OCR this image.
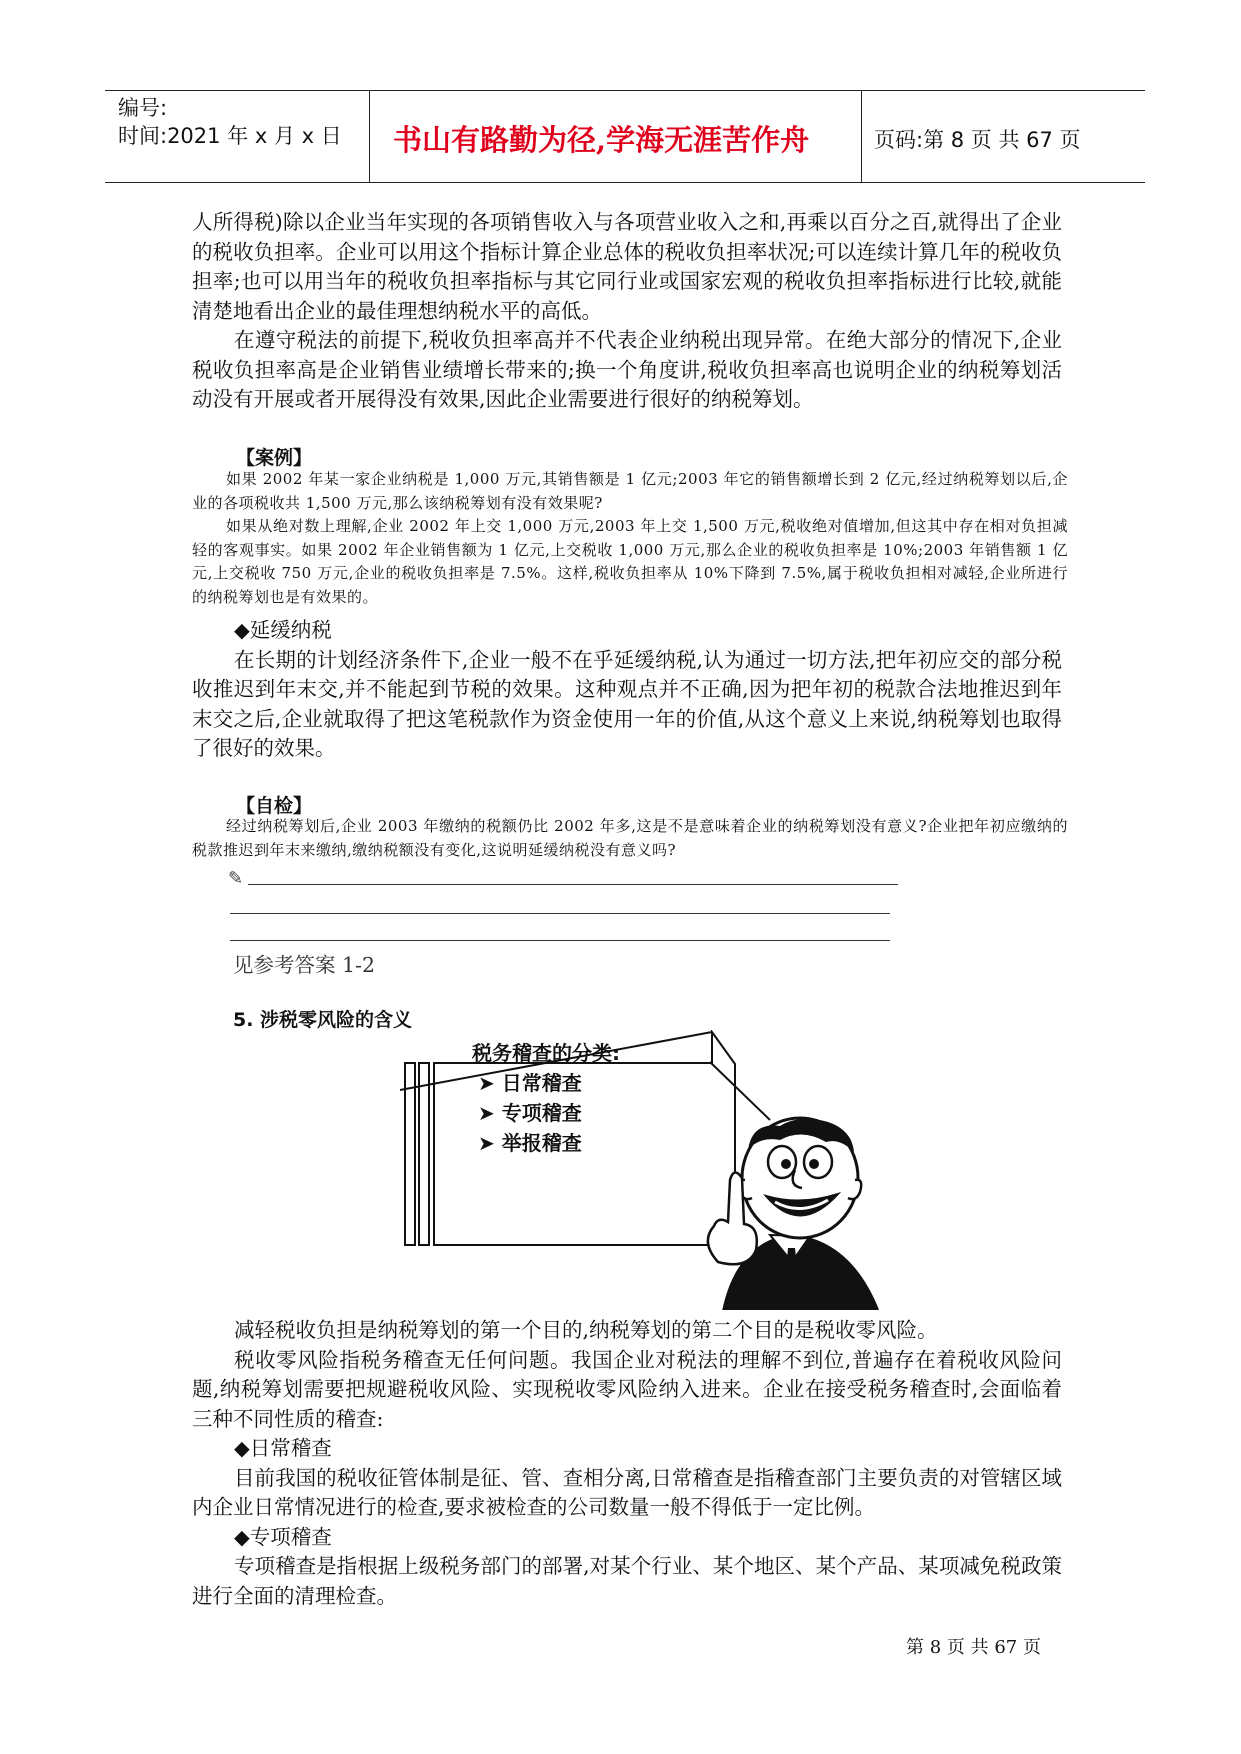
编号:
时间:2021 年 x 月 x 日 书山有路勤为径,学海无涯苦作舟	页码:第 8 页 共 67 页

人所得税)除以企业当年实现的各项销售收入与各项营业收入之和,再乘以百分之百,就得出了企业的税收负担率。企业可以用这个指标计算企业总体的税收负担率状况;可以连续计算几年的税收负担率;也可以用当年的税收负担率指标与其它同行业或国家宏观的税收负担率指标进行比较,就能清楚地看出企业的最佳理想纳税水平的高低。

在遵守税法的前提下,税收负担率高并不代表企业纳税出现异常。在绝大部分的情况下,企业税收负担率高是企业销售业绩增长带来的;换一个角度讲,税收负担率高也说明企业的纳税筹划活动没有开展或者开展得没有效果,因此企业需要进行很好的纳税筹划。

【案例】

如果 2002 年某一家企业纳税是 1,000 万元,其销售额是 1 亿元;2003 年它的销售额增长到 2 亿元,经过纳税筹划以后,企业的各项税收共 1,500 万元,那么该纳税筹划有没有效果呢?

如果从绝对数上理解,企业 2002 年上交 1,000 万元,2003 年上交 1,500 万元,税收绝对值增加,但这其中存在相对负担减轻的客观事实。如果 2002 年企业销售额为 1 亿元,上交税收 1,000 万元,那么企业的税收负担率是 10%;2003 年销售额 1 亿元,上交税收 750 万元,企业的税收负担率是 7.5%。这样,税收负担率从 10%下降到 7.5%,属于税收负担相对减轻,企业所进行的纳税筹划也是有效果的。

◆延缓纳税

在长期的计划经济条件下,企业一般不在乎延缓纳税,认为通过一切方法,把年初应交的部分税收推迟到年末交,并不能起到节税的效果。这种观点并不正确,因为把年初的税款合法地推迟到年末交之后,企业就取得了把这笔税款作为资金使用一年的价值,从这个意义上来说,纳税筹划也取得了很好的效果。

【自检】

经过纳税筹划后,企业 2003 年缴纳的税额仍比 2002 年多,这是不是意味着企业的纳税筹划没有意义?企业把年初应缴纳的税款推迟到年末来缴纳,缴纳税额没有变化,这说明延缓纳税没有意义吗?

✎
见参考答案 1-2
5. 涉税零风险的含义
税务稽查的分类:
➤ 日常稽查
➤ 专项稽查
➤ 举报稽查

减轻税收负担是纳税筹划的第一个目的,纳税筹划的第二个目的是税收零风险。

税收零风险指税务稽查无任何问题。我国企业对税法的理解不到位,普遍存在着税收风险问题,纳税筹划需要把规避税收风险、实现税收零风险纳入进来。企业在接受税务稽查时,会面临着三种不同性质的稽查:

◆日常稽查

目前我国的税收征管体制是征、管、查相分离,日常稽查是指稽查部门主要负责的对管辖区域内企业日常情况进行的检查,要求被检查的公司数量一般不得低于一定比例。

◆专项稽查

专项稽查是指根据上级税务部门的部署,对某个行业、某个地区、某个产品、某项减免税政策进行全面的清理检查。

第 8 页 共 67 页
